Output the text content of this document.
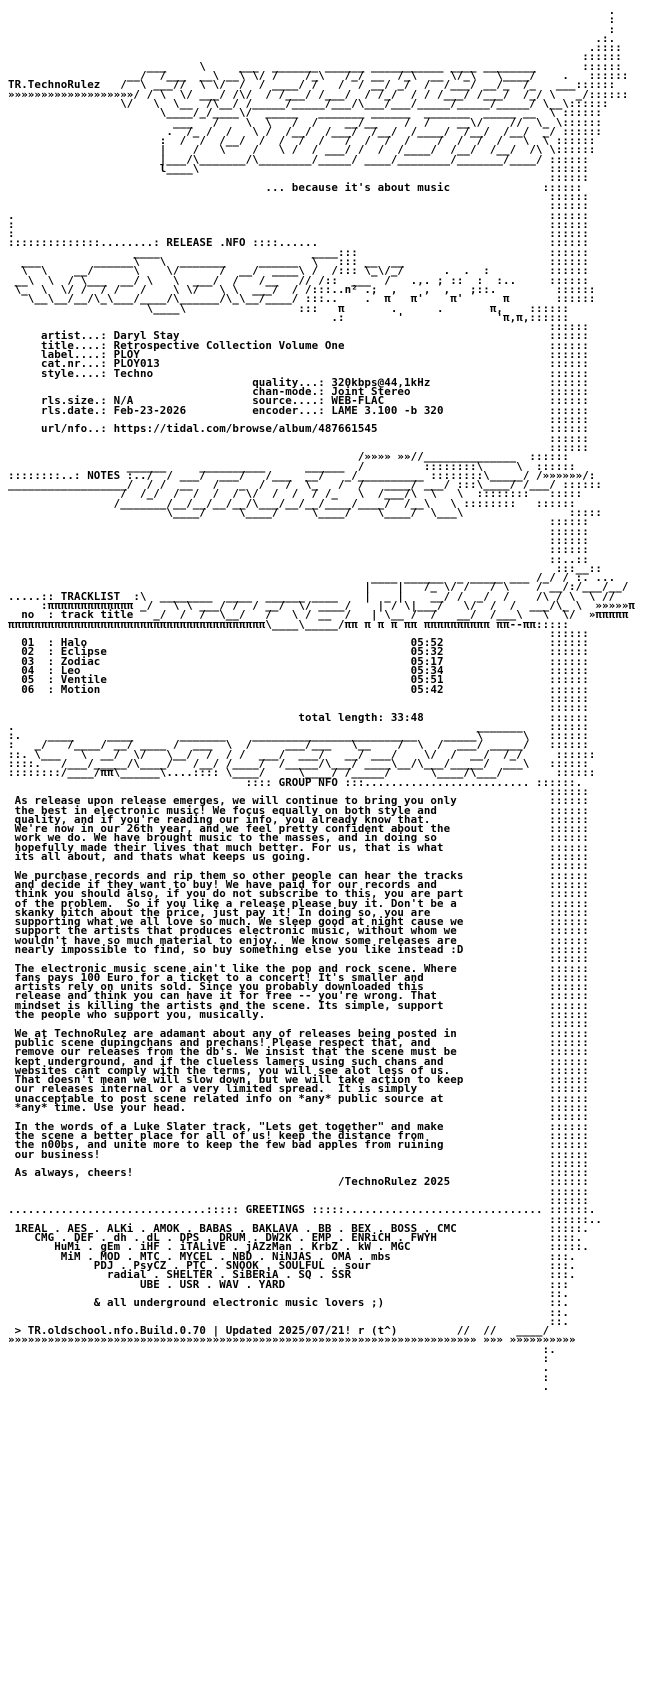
.
:
:
.:.
.::::
::::::
___     \     ___  _______ ______ ___________ ____ ________       ::::::
__/  /___  __\ __\ \/ /    /_\   /_/ __  /_\  __ \/_\   \____/    .   ::::::
TR.TechnoRulez   /  \ ___//  \ \/  /  / ____/ /   /  / __/ _/  /  /___/ __/_  /_   ___::::::
»»»»»»»»»»»»»»»»»»»/ / \  \/ ___/ /\/  / /___/ /___/  / /_/  / / /___/ /___/  /_/ \   _/::::::
\/   \  \__  /\__/ /_____/_____/___/\___/___/_____/_____/_____/ \__\::::::
\____/_/____\/  _____   _______ ______  _______  _____ __  \ ::::::
___   /    \  \   /  /    __/__    /  /    __\/    //  \_ \::::::
.  /_ /  /   \ /  /__/  /___/  /__/  /____/  /__/  /__/  _/ ::::::
:  /  /  /__/  /  /  /  /   /  /  /  /    /  /  /  /   \  \ ::::::
|    /   \    /   \ /  / ___/ /  /  /____/  /__/  /__/  /\ \::::::
|___/\_______/\________/_____/ ____/________/_______/____/ ::::::
l____\                                                     ::::::
::::::
... because it's about music              ::::::
::::::
::::::
.                                                                                 ::::::
:                                                                                 ::::::
:                                                                                 ::::::
::::::::::::::........: RELEASE .NFO ::::......                                   ::::::
____                       ____:::                             ::::::
___        ______\   \  _______     ______  \   ::: __  __                      ::::::
\  \    __/      \    \/      /  __/  ____\ /  /::: \_\/_/      .  .  :         ::::::
__\  \  / \___  __/ \   \  ___/  /   /__   // /::  ___  /   .,. ; ::  :  :..     ::::::
\_  \  \/ /  / /   /    \ \/   \ \  ___/  / /:::..n² .;  ,    ,  ,   ;::.         ::::::
\__\__/__/\_\___/____/\______/\_\__/____/ :::..    .  π   π'    π'      π       ::::::
\____\                 :::   π       .      .       π,    ::::::
.:        '              'π,π,::::::
::::::
artist...: Daryl Stay                                                        ::::::
title....: Retrospective Collection Volume One                               ::::::
label....: PLOY                                                              ::::::
cat.nr...: PLOY013                                                           ::::::
style....: Techno                                                            ::::::
quality...: 320kbps@44,1kHz                  ::::::
chan-mode.: Joint Stereo                     ::::::
rls.size.: N/A                  source....: WEB-FLAC                         ::::::
rls.date.: Feb-23-2026          encoder...: LAME 3.100 -b 320                ::::::
::::::
url/nfo..: https://tidal.com/browse/album/487661545                          ::::::
::::::
::::::
/»»»» »»//______________  ::::::
______     __________      ______  /         ::::::::\     \  ::::::
::::::::..: NOTES :../  / ___/  ___/   /___  __/   _/__________ ::::::::\_____/ /»»»»»»/:
__________________/  / /  __   /   _  /   /  \_   /  /   ____/ ___/ :::\____/ /___/ ::::::
/  /_/  /  /  /  / \/  /  /  / /_   \  /___/\  \   \  ::::::::   :::::
/_______/__/__/__/__/\___/__/__/____/____/  /__\   \ ::::::::   ::::::
\____/     \____/     \____/    \____/  \___\                :::::
::::::
::::::
::::::
::::::
::..::
:::__::
____ ______  _ _____ ___ /_/ / :. ...
|    |   /_ \/ /   / \    / __/:/___/__/
.....:: TRACKLIST  :\  ________  ____  ______ ____    |  _ |    __/ /  _/  /    /\ / \  \ //
:πππππππππππππ _/   \ \ ___/ /  / __/  \/ ____/    | / \|___/   \/  /  /  ___/\_ \  »»»»»π
no  : track title   _/  /  /  \__/   /   \ / __  /   | \__ /  /   __/  /___\   \  \/  »πππππ
πππππππππππππππππππππππππππππππππππππππ\____\_____/ππ π π π ππ ππππππππππ ππ--ππ:::::
::::::
01  : Halo                                                 05:52                ::::::
02  : Eclipse                                              05:32                ::::::
03  : Zodiac                                               05:17                ::::::
04  : Leo                                                  05:34                ::::::
05  : Ventile                                              05:51                ::::::
06  : Motion                                               05:42                ::::::
::::::
::::::
total length: 33:48                   ::::::
.                                                                      _______    ::::::
:.    ____     ____       _______    _________________________    _____\      \   ::::::
:   _/   /____/ __/ ____ /  ___  \  /     ___/___   \__    /  \  /  ___/ _____/   ::::::
::. \___   \  __/  \/   \__/  /  / /  ___/  ___/   __/ ___/    \/  /  __/  /_/     ::::::
::::.   /___/_____/\____/   /__/ /____/  /_____/\___/ ____\__/\___/_____/  ___\   ::::::
::::::::/____/ππ\______\....:::: \____/     \____/ /_____/      \____/\___/        ::::::
:::: GROUP NFO :::......................... ::::::.
::::::
As release upon release emerges, we will continue to bring you only              ::::::
the best in electronic music! We focus equally on both style and                 ::::::
quality, and if you're reading our info, you already know that.                  ::::::
We're now in our 26th year, and we feel pretty confident about the               ::::::
work we do. We have brought music to the masses, and in doing so                 ::::::
hopefully made their lives that much better. For us, that is what                ::::::
its all about, and thats what keeps us going.                                    ::::::
::::::
We purchase records and rip them so other people can hear the tracks             ::::::
and decide if they want to buy! We have paid for our records and                 ::::::
think you should also, if you do not subscribe to this, you are part             ::::::
of the problem.  So if you like a release please buy it. Don't be a              ::::::
skanky bitch about the price, just pay it! In doing so, you are                  ::::::
supporting what we all love so much. We sleep good at night cause we             ::::::
support the artists that produces electronic music, without whom we              ::::::
wouldn't have so much material to enjoy.  We know some releases are              ::::::
nearly impossible to find, so buy something else you like instead :D             ::::::
::::::
The electronic music scene ain't like the pop and rock scene. Where              ::::::
fans pays 100 Euro for a ticket to a concert! It's smaller and                   ::::::
artists rely on units sold. Since you probably downloaded this                   ::::::
release and think you can have it for free -- you're wrong. That                 ::::::
mindset is killing the artists and the scene. Its simple, support                ::::::
the people who support you, musically.                                           ::::::
::::::
We at TechnoRulez are adamant about any of releases being posted in              ::::::
public scene dupingchans and prechans! Please respect that, and                  ::::::
remove our releases from the db's. We insist that the scene must be              ::::::
kept underground, and if the clueless lamers using such chans and                ::::::
websites cant comply with the terms, you will see alot less of us.               ::::::
That doesn't mean we will slow down, but we will take action to keep             ::::::
our releases internal or a very limited spread.  It is simply                    ::::::
unacceptable to post scene related info on *any* public source at                ::::::
*any* time. Use your head.                                                       ::::::
::::::
In the words of a Luke Slater track, "Lets get together" and make                ::::::
the scene a better place for all of us! keep the distance from                   ::::::
the n00bs, and unite more to keep the few bad apples from ruining                ::::::
our business!                                                                    ::::::
::::::
As always, cheers!                                                               ::::::
/TechnoRulez 2025               ::::::
::::::
::::::
..............................::::: GREETINGS :::::.............................. ::::::.
::::::..
1REAL . AES . ALKi . AMOK . BABAS . BAKLAVA . BB . BEX . BOSS . CMC              :::::.
CMG . DEF . dh . dL . DPS . DRUM . DW2K . EMP . ENRiCH . FWYH                 ::::.
HuMi . gEm . iHF . iTALiVE . jAZzMan . KrbZ . kW . MGC                     :::::.
MiM . MOD . MTC . MYCEL . NBD . NiNJAS . OMA . mbs                        :::.
PDJ . PsyCZ . PTC . SNOOK . SOULFUL . sour                           :::.
radial . SHELTER . SiBERiA . SQ . SSR                              :::.
UBE . USR . WAV . YARD                                        :::
::.
& all underground electronic music lovers ;)                         ::.
::.
::.
> TR.oldschool.nfo.Build.0.70 | Updated 2025/07/21! r (t^)         //  //   ____/
»»»»»»»»»»»»»»»»»»»»»»»»»»»»»»»»»»»»»»»»»»»»»»»»»»»»»»»»»»»»»»»»»»»»»»» »»» »»»»»»»»»»
:.
:
.
:
.
